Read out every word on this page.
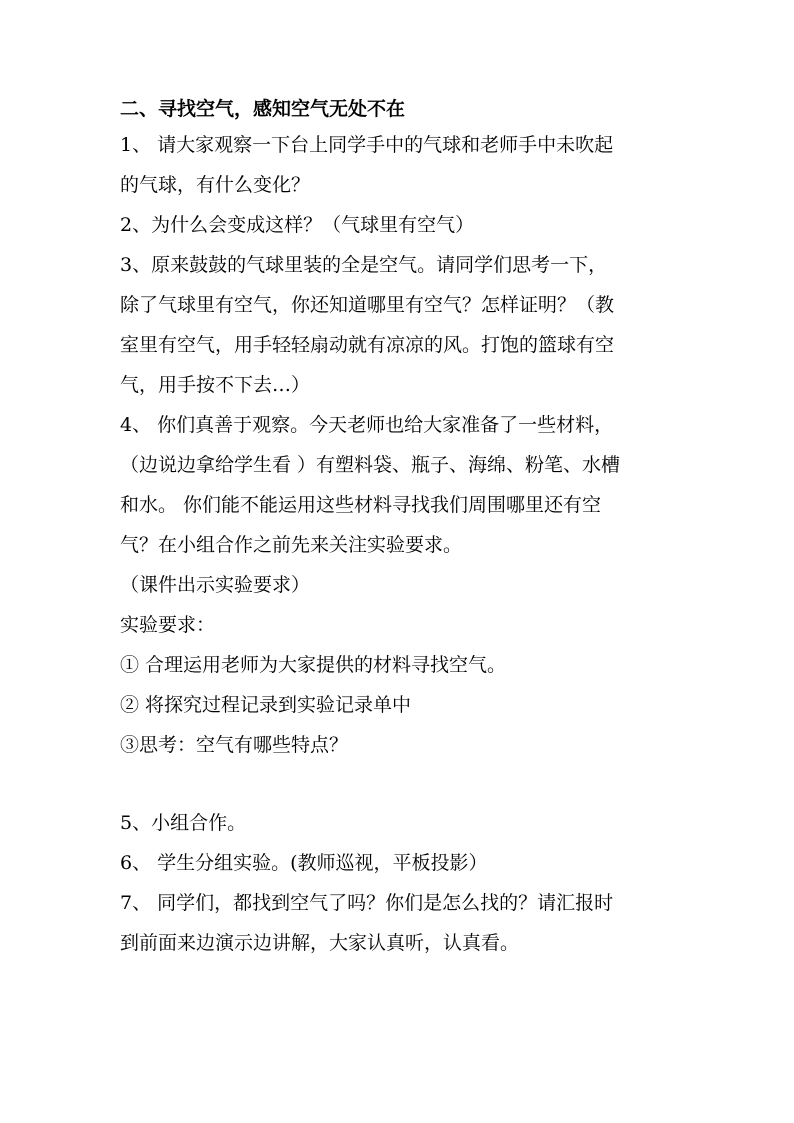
二、寻找空气，感知空气无处不在

1、 请大家观察一下台上同学手中的气球和老师手中未吹起

的气球，有什么变化？

2、为什么会变成这样？（气球里有空气）

3、原来鼓鼓的气球里装的全是空气。请同学们思考一下，

除了气球里有空气，你还知道哪里有空气？怎样证明？（教

室里有空气，用手轻轻扇动就有凉凉的风。打饱的篮球有空

气，用手按不下去…）

4、 你们真善于观察。今天老师也给大家准备了一些材料，

（边说边拿给学生看 ）有塑料袋、瓶子、海绵、粉笔、水槽

和水。 你们能不能运用这些材料寻找我们周围哪里还有空

气？在小组合作之前先来关注实验要求。

（课件出示实验要求）

实验要求：

① 合理运用老师为大家提供的材料寻找空气。

② 将探究过程记录到实验记录单中

③思考：空气有哪些特点？

5、小组合作。

6、 学生分组实验。(教师巡视，平板投影）

7、 同学们，都找到空气了吗？你们是怎么找的？请汇报时

到前面来边演示边讲解，大家认真听，认真看。
